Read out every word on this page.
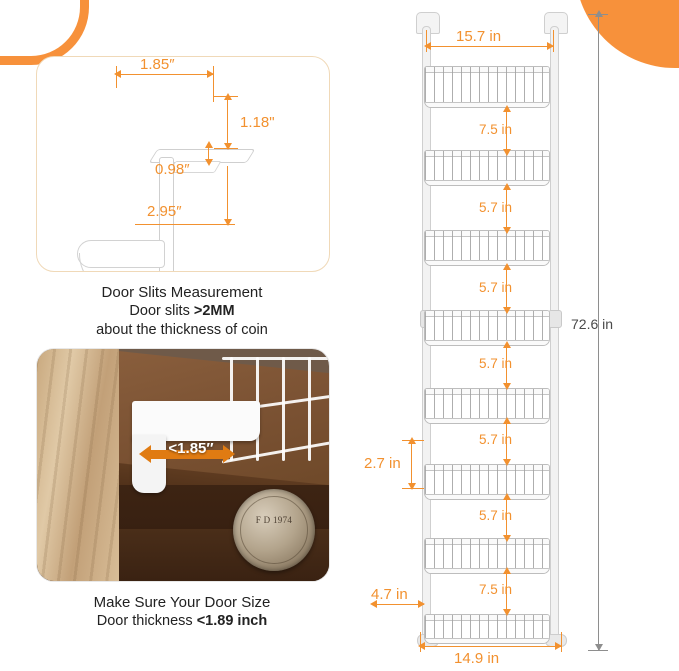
1.85″
1.18"
0.98″
2.95″
Door Slits Measurement
Door slits >2MM
about the thickness of coin
F D 1974
<1.85″
Make Sure Your Door Size
Door thickness <1.89 inch
15.7 in
14.9 in
72.6 in
7.5 in
5.7 in
5.7 in
5.7 in
5.7 in
5.7 in
7.5 in
2.7 in
4.7 in
